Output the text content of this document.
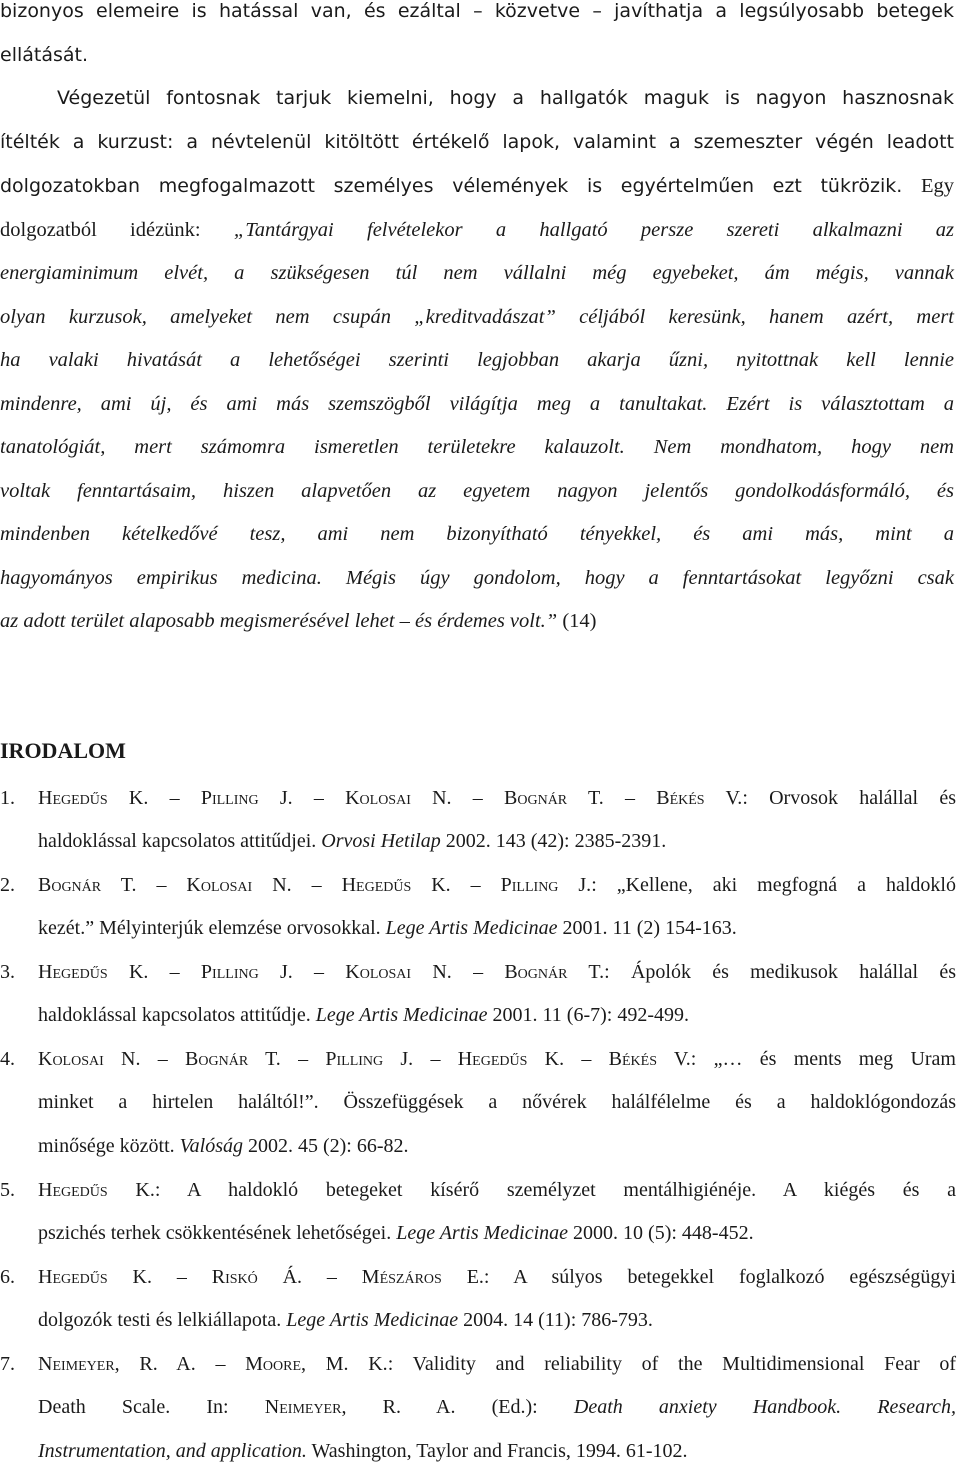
bizonyos elemeire is hatással van, és ezáltal – közvetve – javíthatja a legsúlyosabb betegek
ellátását.
Végezetül fontosnak tarjuk kiemelni, hogy a hallgatók maguk is nagyon hasznosnak
ítélték a kurzust: a névtelenül kitöltött értékelő lapok, valamint a szemeszter végén leadott
dolgozatokban megfogalmazott személyes vélemények is egyértelműen ezt tükrözik. Egy
dolgozatból idézünk: „Tantárgyai felvételekor a hallgató persze szereti alkalmazni az
energiaminimum elvét, a szükségesen túl nem vállalni még egyebeket, ám mégis, vannak
olyan kurzusok, amelyeket nem csupán „kreditvadászat” céljából keresünk, hanem azért, mert
ha valaki hivatását a lehetőségei szerinti legjobban akarja űzni, nyitottnak kell lennie
mindenre, ami új, és ami más szemszögből világítja meg a tanultakat. Ezért is választottam a
tanatológiát, mert számomra ismeretlen területekre kalauzolt. Nem mondhatom, hogy nem
voltak fenntartásaim, hiszen alapvetően az egyetem nagyon jelentős gondolkodásformáló, és
mindenben kételkedővé tesz, ami nem bizonyítható tényekkel, és ami más, mint a
hagyományos empirikus medicina. Mégis úgy gondolom, hogy a fenntartásokat legyőzni csak
az adott terület alaposabb megismerésével lehet – és érdemes volt.” (14)
IRODALOM
1. Hegedűs K. – Pilling J. – Kolosai N. – Bognár T. – Békés V.: Orvosok halállal és
haldoklással kapcsolatos attitűdjei. Orvosi Hetilap 2002. 143 (42): 2385-2391.
2. Bognár T. – Kolosai N. – Hegedűs K. – Pilling J.: „Kellene, aki megfogná a haldokló
kezét.” Mélyinterjúk elemzése orvosokkal. Lege Artis Medicinae 2001. 11 (2) 154-163.
3. Hegedűs K. – Pilling J. – Kolosai N. – Bognár T.: Ápolók és medikusok halállal és
haldoklással kapcsolatos attitűdje. Lege Artis Medicinae 2001. 11 (6-7): 492-499.
4. Kolosai N. – Bognár T. – Pilling J. – Hegedűs K. – Békés V.: „… és ments meg Uram
minket a hirtelen haláltól!”. Összefüggések a nővérek halálfélelme és a haldoklógondozás
minősége között. Valóság 2002. 45 (2): 66-82.
5. Hegedűs K.: A haldokló betegeket kísérő személyzet mentálhigiénéje. A kiégés és a
pszichés terhek csökkentésének lehetőségei. Lege Artis Medicinae 2000. 10 (5): 448-452.
6. Hegedűs K. – Riskó Á. – Mészáros E.: A súlyos betegekkel foglalkozó egészségügyi
dolgozók testi és lelkiállapota. Lege Artis Medicinae 2004. 14 (11): 786-793.
7. Neimeyer, R. A. – Moore, M. K.: Validity and reliability of the Multidimensional Fear of
Death Scale. In: Neimeyer, R. A. (Ed.): Death anxiety Handbook. Research,
Instrumentation, and application. Washington, Taylor and Francis, 1994. 61-102.
